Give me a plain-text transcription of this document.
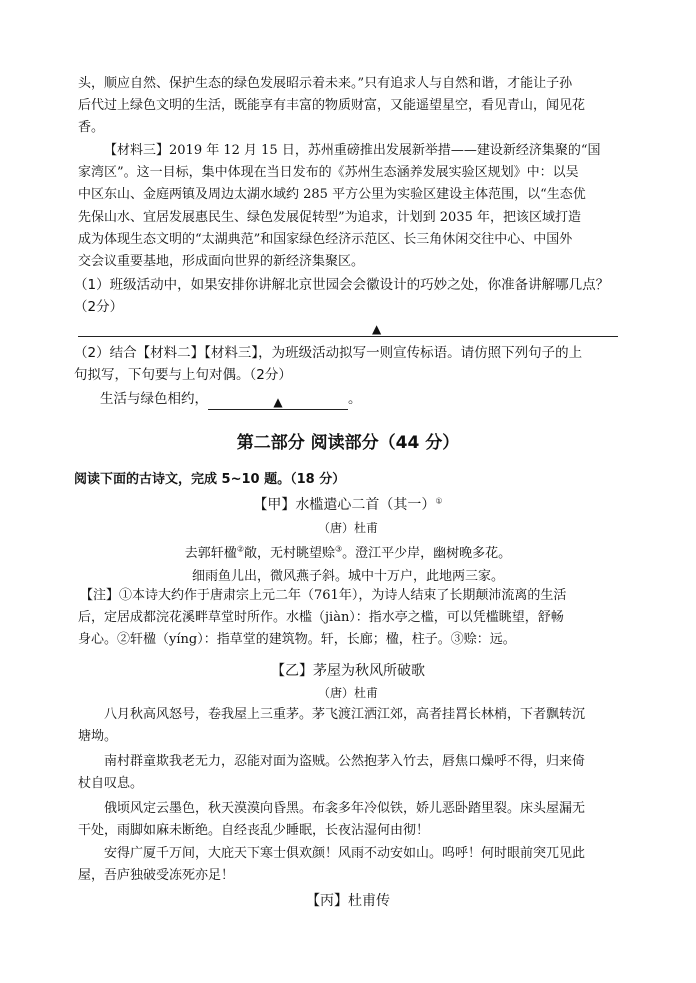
头，顺应自然、保护生态的绿色发展昭示着未来。”只有追求人与自然和谐，才能让子孙

后代过上绿色文明的生活，既能享有丰富的物质财富，又能遥望星空，看见青山，闻见花

香。

【材料三】2019 年 12 月 15 日，苏州重磅推出发展新举措——建设新经济集聚的“国

家湾区”。这一目标，集中体现在当日发布的《苏州生态涵养发展实验区规划》中：以吴

中区东山、金庭两镇及周边太湖水域约 285 平方公里为实验区建设主体范围，以“生态优

先保山水、宜居发展惠民生、绿色发展促转型”为追求，计划到 2035 年，把该区域打造

成为体现生态文明的“太湖典范”和国家绿色经济示范区、长三角休闲交往中心、中国外

交会议重要基地，形成面向世界的新经济集聚区。

（1）班级活动中，如果安排你讲解北京世园会会徽设计的巧妙之处，你准备讲解哪几点？

（2分）

▲

（2）结合【材料二】【材料三】，为班级活动拟写一则宣传标语。请仿照下列句子的上

句拟写，下句要与上句对偶。（2分）

生活与绿色相约，	▲	。

第二部分 阅读部分（44 分）

阅读下面的古诗文，完成 5~10 题。（18 分）

【甲】水槛遣心二首（其一）①
（唐）杜甫
去郭轩楹②敞，无村眺望赊③。澄江平少岸，幽树晚多花。
细雨鱼儿出，微风燕子斜。城中十万户，此地两三家。

【注】①本诗大约作于唐肃宗上元二年（761年），为诗人结束了长期颠沛流离的生活

后，定居成都浣花溪畔草堂时所作。水槛（jiàn）：指水亭之槛，可以凭槛眺望，舒畅

身心。②轩楹（yíng）：指草堂的建筑物。轩，长廊；楹，柱子。③赊：远。

【乙】茅屋为秋风所破歌
（唐）杜甫

八月秋高风怒号，卷我屋上三重茅。茅飞渡江洒江郊，高者挂罥长林梢，下者飘转沉

塘坳。

南村群童欺我老无力，忍能对面为盗贼。公然抱茅入竹去，唇焦口燥呼不得，归来倚

杖自叹息。

俄顷风定云墨色，秋天漠漠向昏黑。布衾多年冷似铁，娇儿恶卧踏里裂。床头屋漏无

干处，雨脚如麻未断绝。自经丧乱少睡眠，长夜沾湿何由彻！

安得广厦千万间，大庇天下寒士俱欢颜！风雨不动安如山。呜呼！何时眼前突兀见此

屋，吾庐独破受冻死亦足！

【丙】杜甫传
